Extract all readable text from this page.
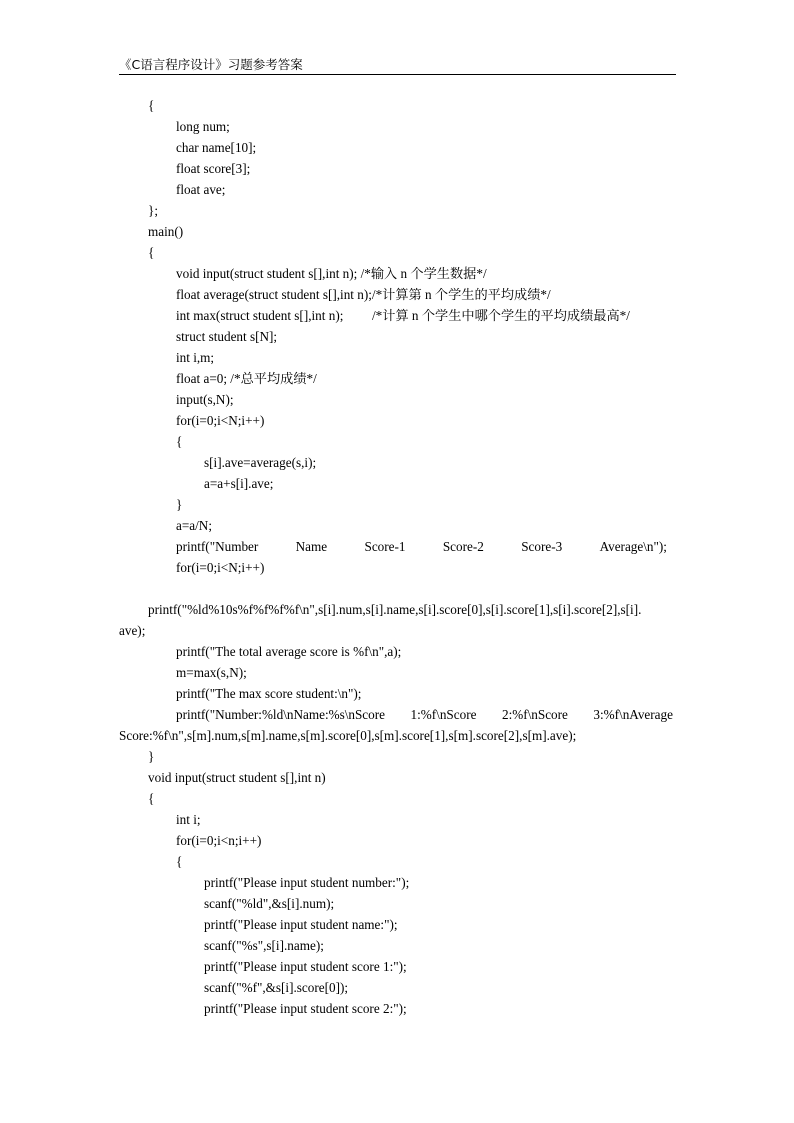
《C语言程序设计》习题参考答案
{
long num;
char name[10];
float score[3];
float ave;
};
main()
{
void input(struct student s[],int n); /*输入 n 个学生数据*/
float average(struct student s[],int n);/*计算第 n 个学生的平均成绩*/
int max(struct student s[],int n); /*计算 n 个学生中哪个学生的平均成绩最高*/
struct student s[N];
int i,m;
float a=0; /*总平均成绩*/
input(s,N);
for(i=0;i<N;i++)
{
s[i].ave=average(s,i);
a=a+s[i].ave;
}
a=a/N;
printf("Number	Name	Score-1	Score-2	Score-3	Average\n");
for(i=0;i<N;i++)
printf("%ld%10s%f%f%f%f\n",s[i].num,s[i].name,s[i].score[0],s[i].score[1],s[i].score[2],s[i].
ave);
printf("The total average score is %f\n",a);
m=max(s,N);
printf("The max score student:\n");
printf("Number:%ld\nName:%s\nScore 1:%f\nScore 2:%f\nScore 3:%f\nAverage
Score:%f\n",s[m].num,s[m].name,s[m].score[0],s[m].score[1],s[m].score[2],s[m].ave);
}
void input(struct student s[],int n)
{
int i;
for(i=0;i<n;i++)
{
printf("Please input student number:");
scanf("%ld",&s[i].num);
printf("Please input student name:");
scanf("%s",s[i].name);
printf("Please input student score 1:");
scanf("%f",&s[i].score[0]);
printf("Please input student score 2:");
